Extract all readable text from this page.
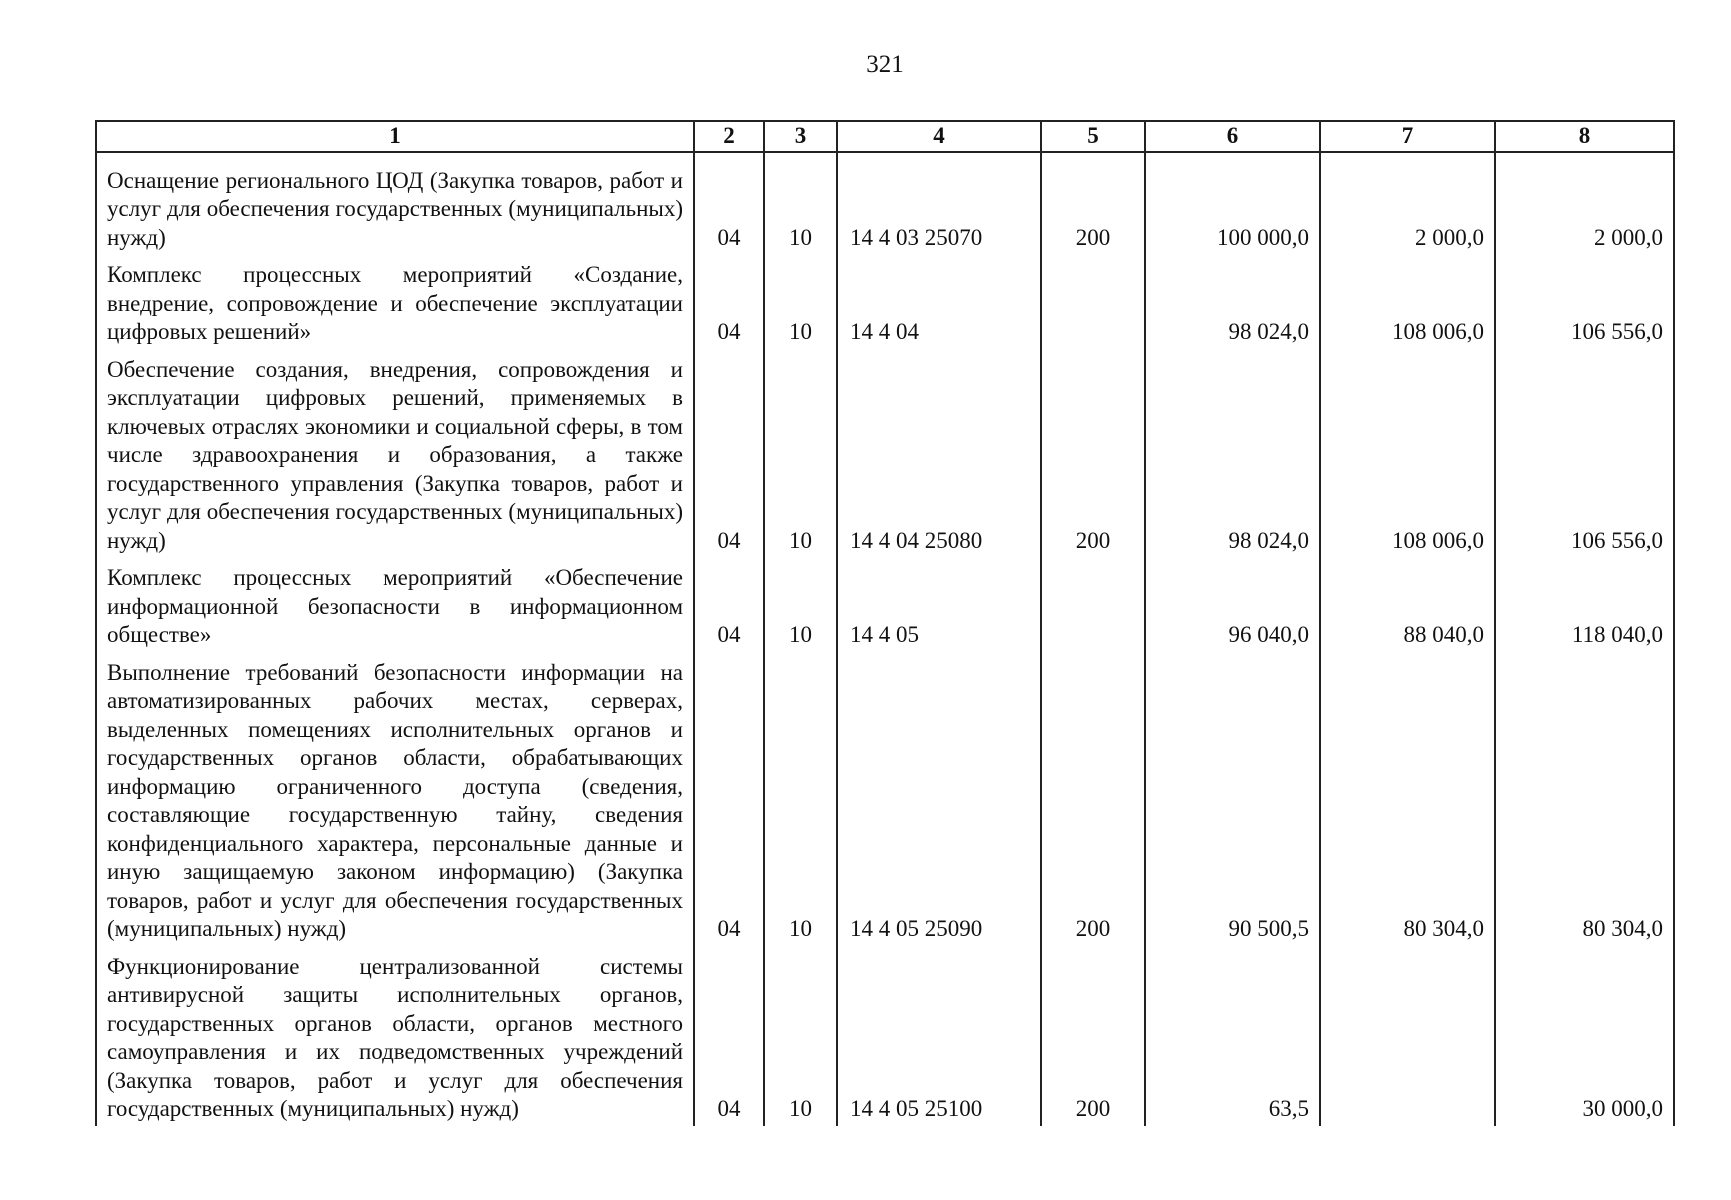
321
1	2	3	4	5	6	7	8
Оснащение регионального ЦОД (Закупка товаров, работ и услуг для обеспечения государственных (муниципальных) нужд)	04	10	14 4 03 25070	200	100 000,0	2 000,0	2 000,0
Комплекс процессных мероприятий «Создание, внедрение, сопровождение и обеспечение эксплуатации цифровых решений»	04	10	14 4 04		98 024,0	108 006,0	106 556,0
Обеспечение создания, внедрения, сопровождения и эксплуатации цифровых решений, применяемых в ключевых отраслях экономики и социальной сферы, в том числе здравоохранения и образования, а также государственного управления (Закупка товаров, работ и услуг для обеспечения государственных (муниципальных) нужд)	04	10	14 4 04 25080	200	98 024,0	108 006,0	106 556,0
Комплекс процессных мероприятий «Обеспечение информационной безопасности в информационном обществе»	04	10	14 4 05		96 040,0	88 040,0	118 040,0
Выполнение требований безопасности информации на автоматизированных рабочих местах, серверах, выделенных помещениях исполнительных органов и государственных органов области, обрабатывающих информацию ограниченного доступа (сведения, составляющие государственную тайну, сведения конфиденциального характера, персональные данные и иную защищаемую законом информацию) (Закупка товаров, работ и услуг для обеспечения государственных (муниципальных) нужд)	04	10	14 4 05 25090	200	90 500,5	80 304,0	80 304,0
Функционирование централизованной системы антивирусной защиты исполнительных органов, государственных органов области, органов местного самоуправления и их подведомственных учреждений (Закупка товаров, работ и услуг для обеспечения государственных (муниципальных) нужд)	04	10	14 4 05 25100	200	63,5		30 000,0
